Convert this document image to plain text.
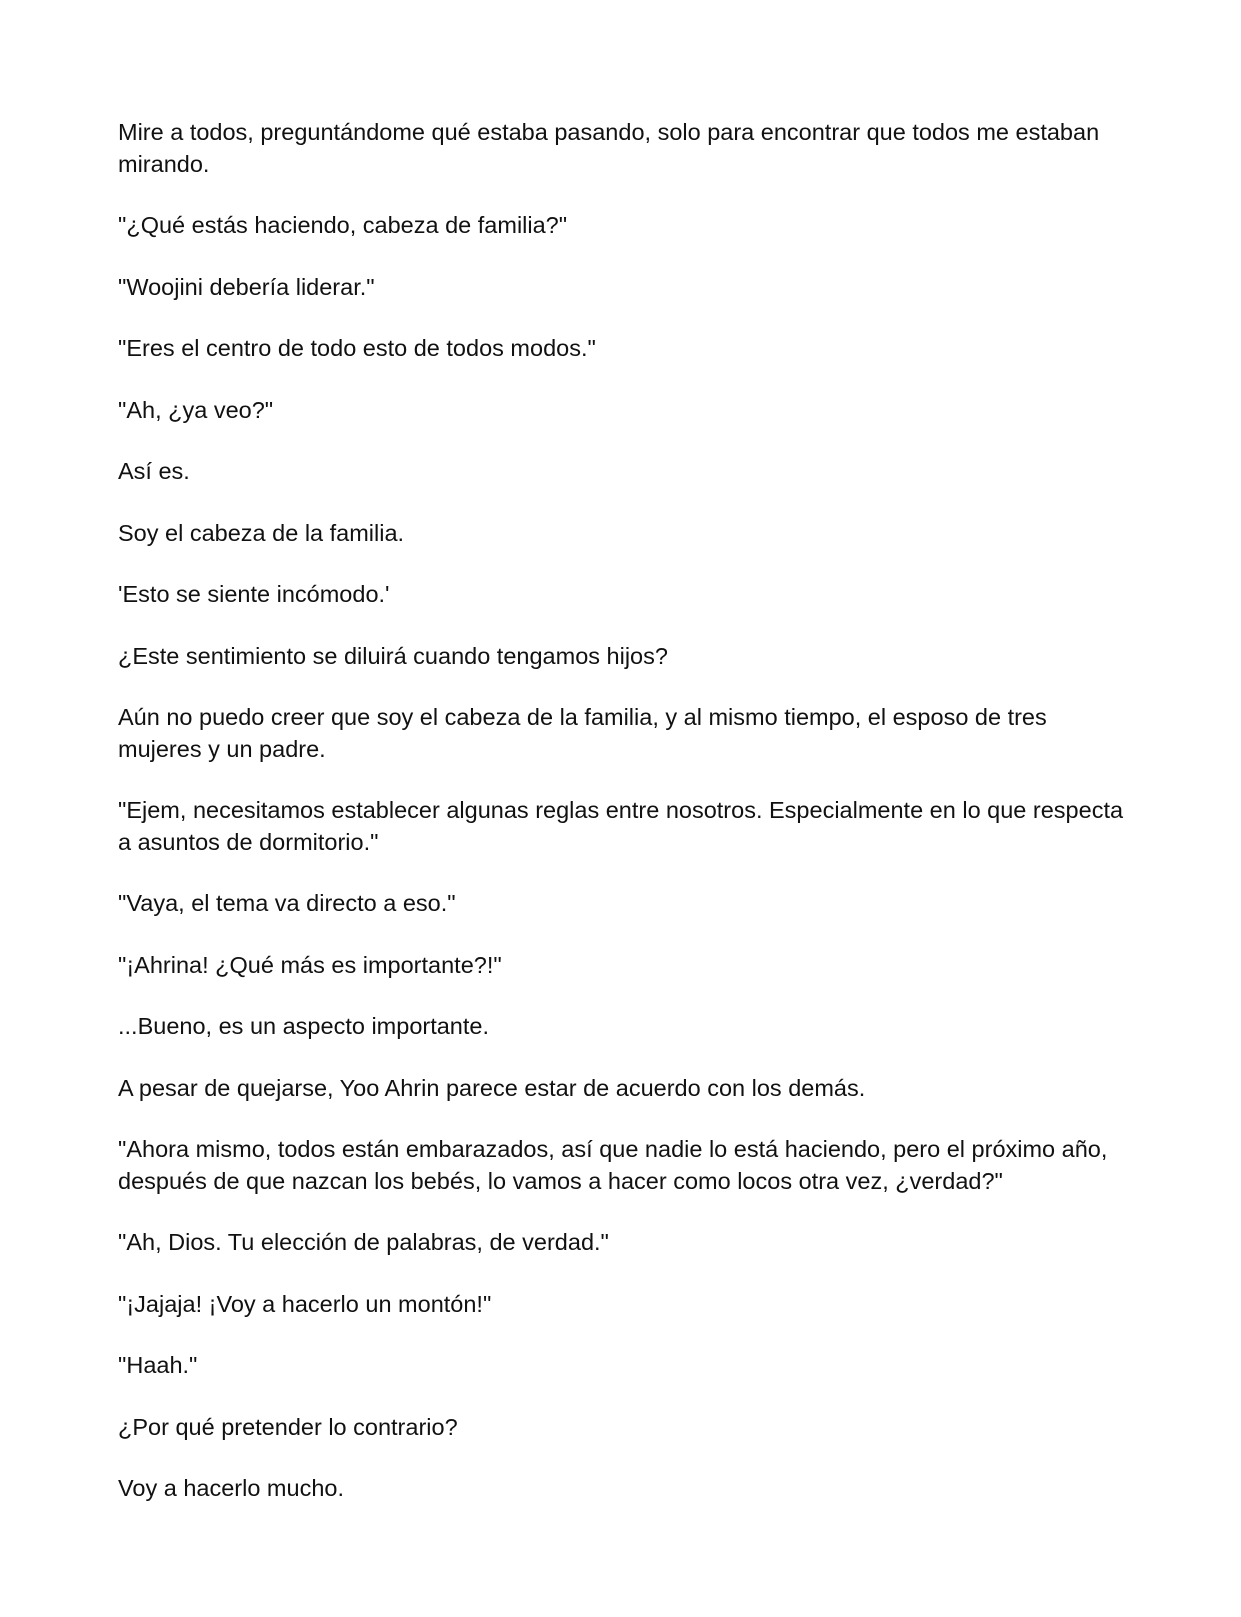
Mire a todos, preguntándome qué estaba pasando, solo para encontrar que todos me estaban mirando.

"¿Qué estás haciendo, cabeza de familia?"

"Woojini debería liderar."

"Eres el centro de todo esto de todos modos."

"Ah, ¿ya veo?"

Así es.

Soy el cabeza de la familia.

'Esto se siente incómodo.'

¿Este sentimiento se diluirá cuando tengamos hijos?

Aún no puedo creer que soy el cabeza de la familia, y al mismo tiempo, el esposo de tres mujeres y un padre.

"Ejem, necesitamos establecer algunas reglas entre nosotros. Especialmente en lo que respecta a asuntos de dormitorio."

"Vaya, el tema va directo a eso."

"¡Ahrina! ¿Qué más es importante?!"

...Bueno, es un aspecto importante.

A pesar de quejarse, Yoo Ahrin parece estar de acuerdo con los demás.

"Ahora mismo, todos están embarazados, así que nadie lo está haciendo, pero el próximo año, después de que nazcan los bebés, lo vamos a hacer como locos otra vez, ¿verdad?"

"Ah, Dios. Tu elección de palabras, de verdad."

"¡Jajaja! ¡Voy a hacerlo un montón!"

"Haah."

¿Por qué pretender lo contrario?

Voy a hacerlo mucho.
